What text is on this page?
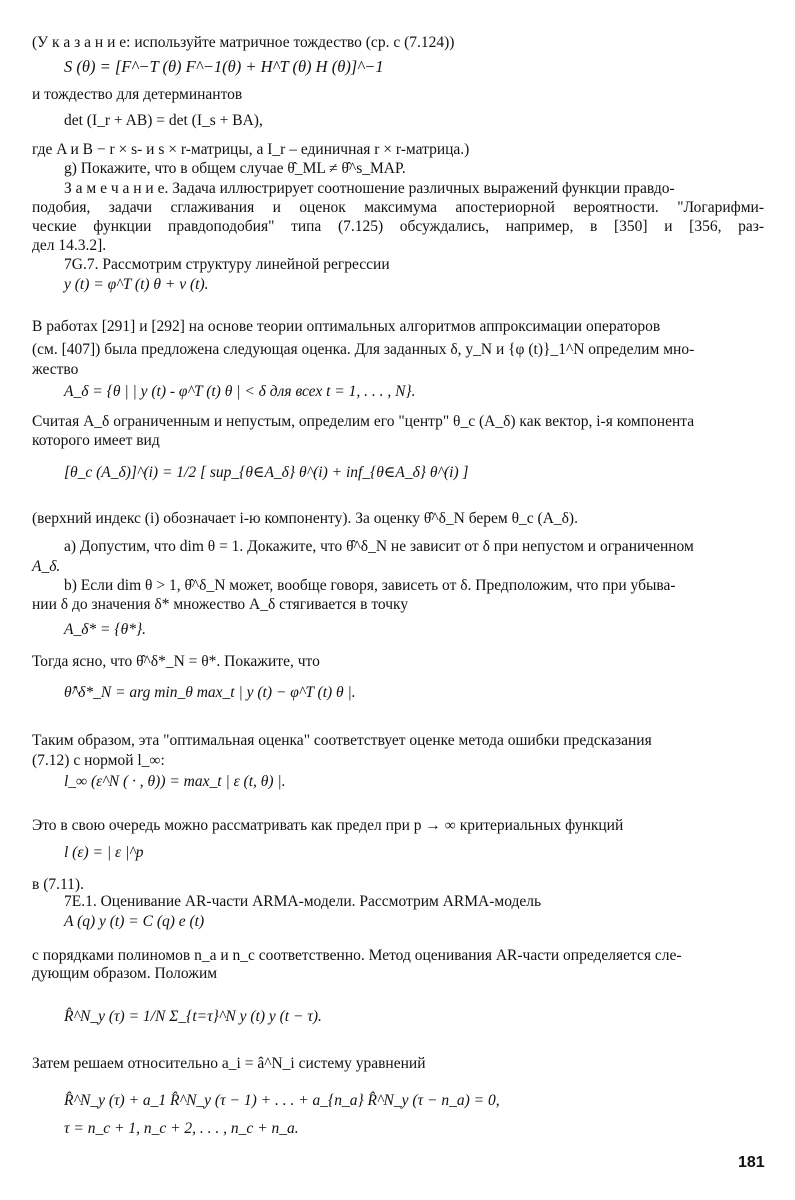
(У к а з а н и е: используйте матричное тождество (ср. с (7.124))
S (θ) = [F^−T (θ) F^−1(θ) + H^T (θ) H (θ)]^−1
и тождество для детерминантов
det (I_r + AB) = det (I_s + BA),
где A и B − r × s- и s × r-матрицы, а I_r – единичная r × r-матрица.)
g) Покажите, что в общем случае θ̂_ML ≠ θ̂^s_MAP.
З а м е ч а н и е. Задача иллюстрирует соотношение различных выражений функции правдо-
подобия, задачи сглаживания и оценок максимума апостериорной вероятности. "Логарифми-
ческие функции правдоподобия" типа (7.125) обсуждались, например, в [350] и [356, раз-
дел 14.3.2].
7G.7. Рассмотрим структуру линейной регрессии
y (t) = φ^T (t) θ + v (t).
В работах [291] и [292] на основе теории оптимальных алгоритмов аппроксимации операторов
(см. [407]) была предложена следующая оценка. Для заданных δ, y_N и {φ (t)}_1^N определим мно-
жество
A_δ = {θ | | y (t) - φ^T (t) θ | < δ для всех t = 1, . . . , N}.
Считая A_δ ограниченным и непустым, определим его "центр" θ_c (A_δ) как вектор, i-я компонента
которого имеет вид
[θ_c (A_δ)]^(i) = 1/2 [ sup_{θ∈A_δ} θ^(i) + inf_{θ∈A_δ} θ^(i) ]
(верхний индекс (i) обозначает i-ю компоненту). За оценку θ̂^δ_N берем θ_c (A_δ).
a) Допустим, что dim θ = 1. Докажите, что θ̂^δ_N не зависит от δ при непустом и ограниченном
A_δ.
b) Если dim θ > 1, θ̂^δ_N может, вообще говоря, зависеть от δ. Предположим, что при убыва-
нии δ до значения δ* множество A_δ стягивается в точку
A_δ* = {θ*}.
Тогда ясно, что θ̂^δ*_N = θ*. Покажите, что
θ̂^δ*_N = arg min_θ max_t | y (t) − φ^T (t) θ |.
Таким образом, эта "оптимальная оценка" соответствует оценке метода ошибки предсказания
(7.12) с нормой l_∞:
l_∞ (ε^N ( · , θ)) = max_t | ε (t, θ) |.
Это в свою очередь можно рассматривать как предел при p → ∞ критериальных функций
l (ε) = | ε |^p
в (7.11).
7E.1. Оценивание AR-части ARMA-модели. Рассмотрим ARMA-модель
A (q) y (t) = C (q) e (t)
с порядками полиномов n_a и n_c соответственно. Метод оценивания AR-части определяется сле-
дующим образом. Положим
R̂^N_y (τ) = 1/N Σ_{t=τ}^N y (t) y (t − τ).
Затем решаем относительно a_i = â^N_i систему уравнений
R̂^N_y (τ) + a_1 R̂^N_y (τ − 1) + . . . + a_{n_a} R̂^N_y (τ − n_a) = 0,
τ = n_c + 1, n_c + 2, . . . , n_c + n_a.
181
